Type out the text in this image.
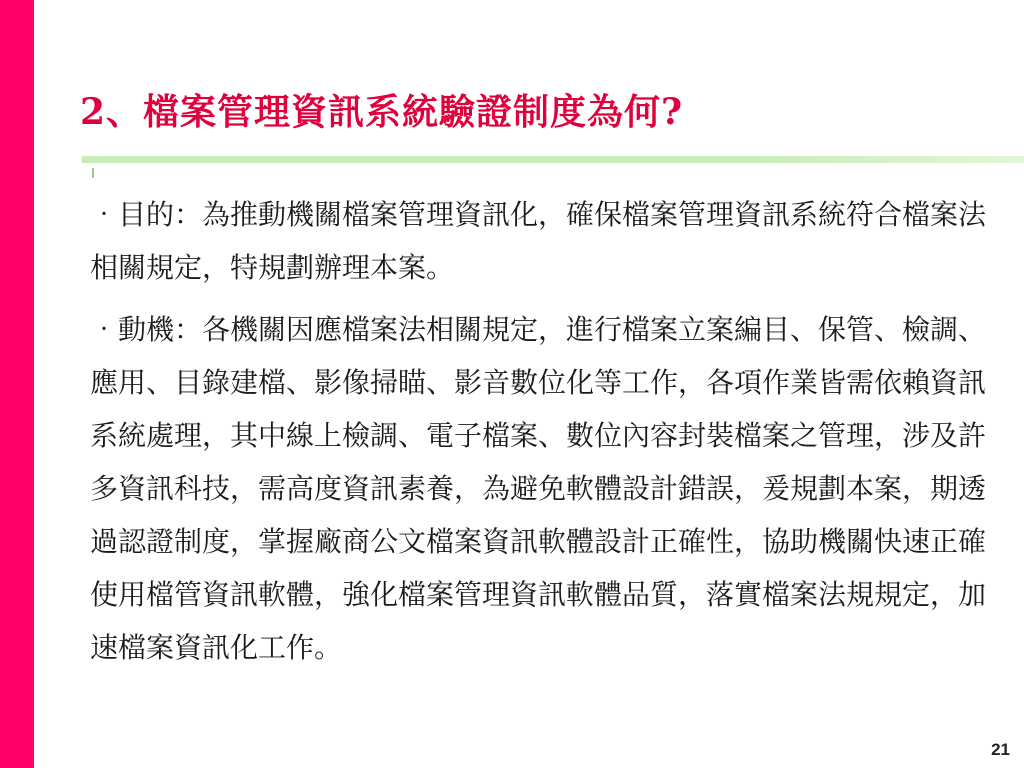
2、檔案管理資訊系統驗證制度為何?

‧目的：為推動機關檔案管理資訊化，確保檔案管理資訊系統符合檔案法相關規定，特規劃辦理本案。

‧動機：各機關因應檔案法相關規定，進行檔案立案編目、保管、檢調、應用、目錄建檔、影像掃瞄、影音數位化等工作，各項作業皆需依賴資訊系統處理，其中線上檢調、電子檔案、數位內容封裝檔案之管理，涉及許多資訊科技，需高度資訊素養，為避免軟體設計錯誤，爰規劃本案，期透過認證制度，掌握廠商公文檔案資訊軟體設計正確性，協助機關快速正確使用檔管資訊軟體，強化檔案管理資訊軟體品質，落實檔案法規規定，加速檔案資訊化工作。

21
